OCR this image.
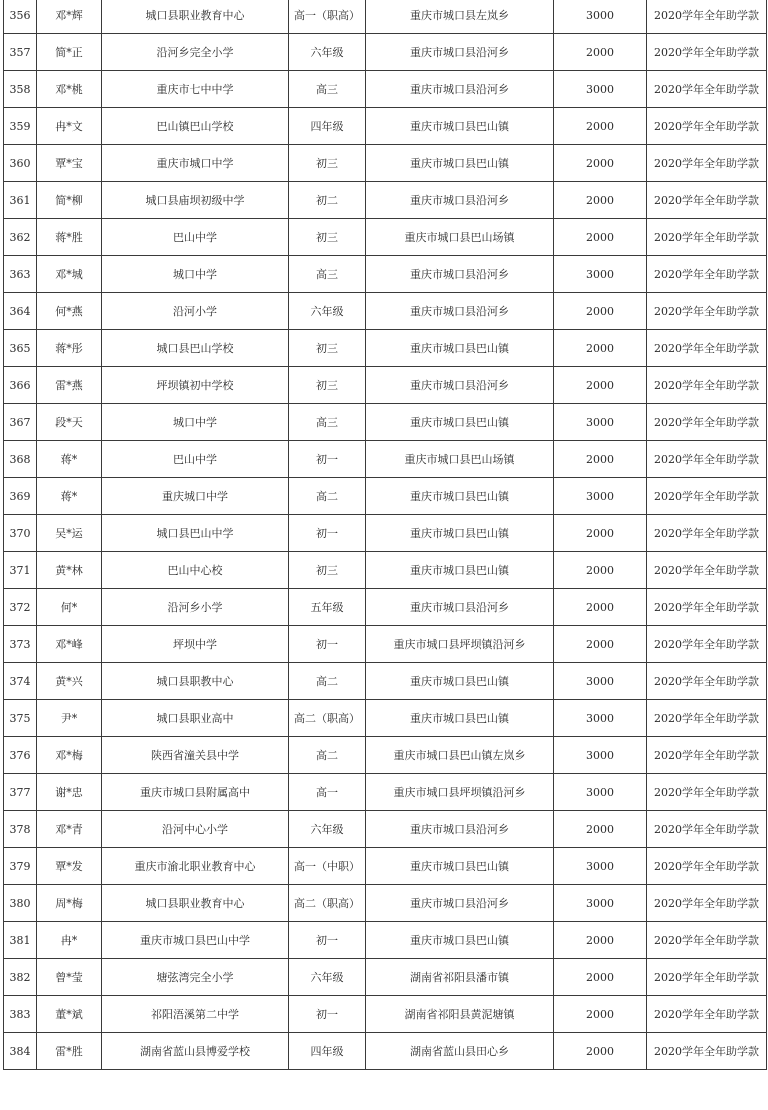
356	邓*辉	城口县职业教育中心	高一（职高）	重庆市城口县左岚乡	3000	2020学年全年助学款
357	简*正	沿河乡完全小学	六年级	重庆市城口县沿河乡	2000	2020学年全年助学款
358	邓*桃	重庆市七中中学	高三	重庆市城口县沿河乡	3000	2020学年全年助学款
359	冉*文	巴山镇巴山学校	四年级	重庆市城口县巴山镇	2000	2020学年全年助学款
360	覃*宝	重庆市城口中学	初三	重庆市城口县巴山镇	2000	2020学年全年助学款
361	简*柳	城口县庙坝初级中学	初二	重庆市城口县沿河乡	2000	2020学年全年助学款
362	蒋*胜	巴山中学	初三	重庆市城口县巴山场镇	2000	2020学年全年助学款
363	邓*城	城口中学	高三	重庆市城口县沿河乡	3000	2020学年全年助学款
364	何*燕	沿河小学	六年级	重庆市城口县沿河乡	2000	2020学年全年助学款
365	蒋*彤	城口县巴山学校	初三	重庆市城口县巴山镇	2000	2020学年全年助学款
366	雷*燕	坪坝镇初中学校	初三	重庆市城口县沿河乡	2000	2020学年全年助学款
367	段*天	城口中学	高三	重庆市城口县巴山镇	3000	2020学年全年助学款
368	蒋*	巴山中学	初一	重庆市城口县巴山场镇	2000	2020学年全年助学款
369	蒋*	重庆城口中学	高二	重庆市城口县巴山镇	3000	2020学年全年助学款
370	吴*运	城口县巴山中学	初一	重庆市城口县巴山镇	2000	2020学年全年助学款
371	黄*林	巴山中心校	初三	重庆市城口县巴山镇	2000	2020学年全年助学款
372	何*	沿河乡小学	五年级	重庆市城口县沿河乡	2000	2020学年全年助学款
373	邓*峰	坪坝中学	初一	重庆市城口县坪坝镇沿河乡	2000	2020学年全年助学款
374	黄*兴	城口县职教中心	高二	重庆市城口县巴山镇	3000	2020学年全年助学款
375	尹*	城口县职业高中	高二（职高）	重庆市城口县巴山镇	3000	2020学年全年助学款
376	邓*梅	陕西省潼关县中学	高二	重庆市城口县巴山镇左岚乡	3000	2020学年全年助学款
377	谢*忠	重庆市城口县附属高中	高一	重庆市城口县坪坝镇沿河乡	3000	2020学年全年助学款
378	邓*青	沿河中心小学	六年级	重庆市城口县沿河乡	2000	2020学年全年助学款
379	覃*发	重庆市渝北职业教育中心	高一（中职）	重庆市城口县巴山镇	3000	2020学年全年助学款
380	周*梅	城口县职业教育中心	高二（职高）	重庆市城口县沿河乡	3000	2020学年全年助学款
381	冉*	重庆市城口县巴山中学	初一	重庆市城口县巴山镇	2000	2020学年全年助学款
382	曾*莹	塘弦湾完全小学	六年级	湖南省祁阳县潘市镇	2000	2020学年全年助学款
383	董*斌	祁阳浯溪第二中学	初一	湖南省祁阳县黄泥塘镇	2000	2020学年全年助学款
384	雷*胜	湖南省蓝山县博爱学校	四年级	湖南省蓝山县田心乡	2000	2020学年全年助学款
